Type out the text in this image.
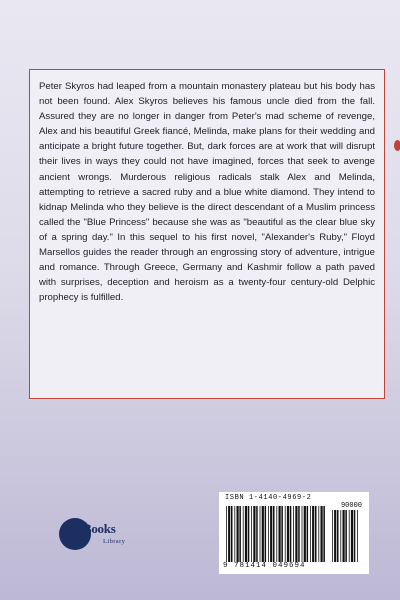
Peter Skyros had leaped from a mountain monastery plateau but his body has not been found. Alex Skyros believes his famous uncle died from the fall. Assured they are no longer in danger from Peter's mad scheme of revenge, Alex and his beautiful Greek fiancé, Melinda, make plans for their wedding and anticipate a bright future together. But, dark forces are at work that will disrupt their lives in ways they could not have imagined, forces that seek to avenge ancient wrongs. Murderous religious radicals stalk Alex and Melinda, attempting to retrieve a sacred ruby and a blue white diamond. They intend to kidnap Melinda who they believe is the direct descendant of a Muslim princess called the "Blue Princess" because she was as "beautiful as the clear blue sky of a spring day." In this sequel to his first novel, "Alexander's Ruby," Floyd Marsellos guides the reader through an engrossing story of adventure, intrigue and romance. Through Greece, Germany and Kashmir follow a path paved with surprises, deception and heroism as a twenty-four century-old Delphic prophecy is fulfilled.

1stBooks
Library
ISBN 1-4140-4969-2
90000
9 781414 049694
